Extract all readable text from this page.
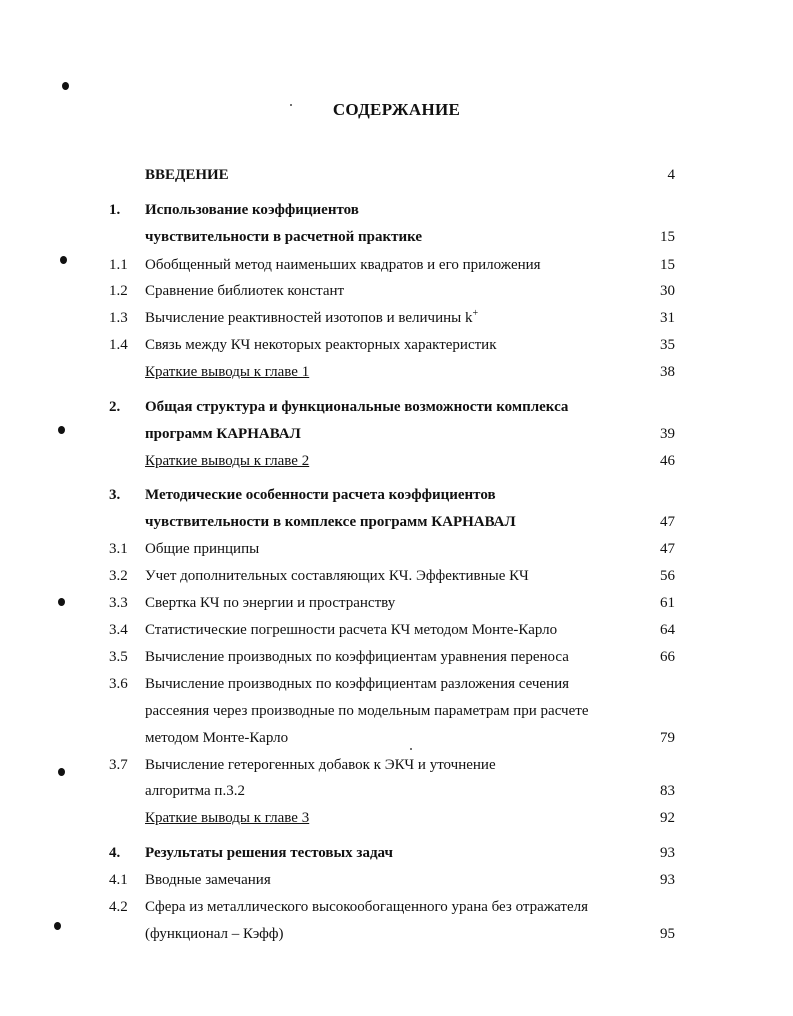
СОДЕРЖАНИЕ
ВВЕДЕНИЕ	4
1. Использование коэффициентов
чувствительности в расчетной практике	15
1.1 Обобщенный метод наименьших квадратов и его приложения	15
1.2 Сравнение библиотек констант	30
1.3 Вычисление реактивностей изотопов и величины k+	31
1.4 Связь между КЧ некоторых реакторных характеристик	35
Краткие выводы к главе 1	38
2. Общая структура и функциональные возможности комплекса
программ КАРНАВАЛ	39
Краткие выводы к главе 2	46
3. Методические особенности расчета коэффициентов
чувствительности в комплексе программ КАРНАВАЛ	47
3.1 Общие принципы	47
3.2 Учет дополнительных составляющих КЧ. Эффективные КЧ	56
3.3 Свертка КЧ по энергии и пространству	61
3.4 Статистические погрешности расчета КЧ методом Монте-Карло	64
3.5 Вычисление производных по коэффициентам уравнения переноса	66
3.6 Вычисление производных по коэффициентам разложения сечения
рассеяния через производные по модельным параметрам при расчете
методом Монте-Карло	79
3.7 Вычисление гетерогенных добавок к ЭКЧ и уточнение
алгоритма п.3.2	83
Краткие выводы к главе 3	92
4. Результаты решения тестовых задач	93
4.1 Вводные замечания	93
4.2 Сфера из металлического высокообогащенного урана без отражателя
(функционал – Кэфф)	95
